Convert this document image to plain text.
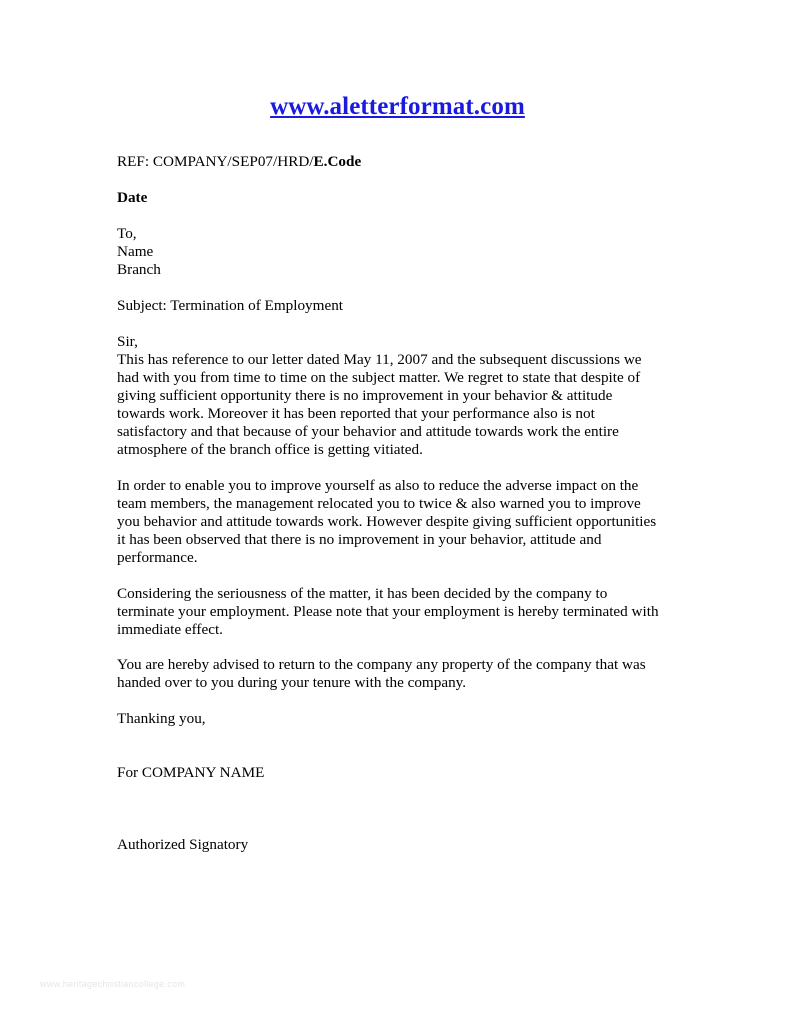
www.aletterformat.com
REF: COMPANY/SEP07/HRD/E.Code
Date
To,
Name
Branch
Subject: Termination of Employment
Sir,
This has reference to our letter dated May 11, 2007 and the subsequent discussions we
had with you from time to time on the subject matter. We regret to state that despite of
giving sufficient opportunity there is no improvement in your behavior & attitude
towards work. Moreover it has been reported that your performance also is not
satisfactory and that because of your behavior and attitude towards work the entire
atmosphere of the branch office is getting vitiated.
In order to enable you to improve yourself as also to reduce the adverse impact on the
team members, the management relocated you to twice & also warned you to improve
you behavior and attitude towards work. However despite giving sufficient opportunities
it has been observed that there is no improvement in your behavior, attitude and
performance.
Considering the seriousness of the matter, it has been decided by the company to
terminate your employment. Please note that your employment is hereby terminated with
immediate effect.
You are hereby advised to return to the company any property of the company that was
handed over to you during your tenure with the company.
Thanking you,
For COMPANY NAME
Authorized Signatory
www.heritagechristiancollege.com
